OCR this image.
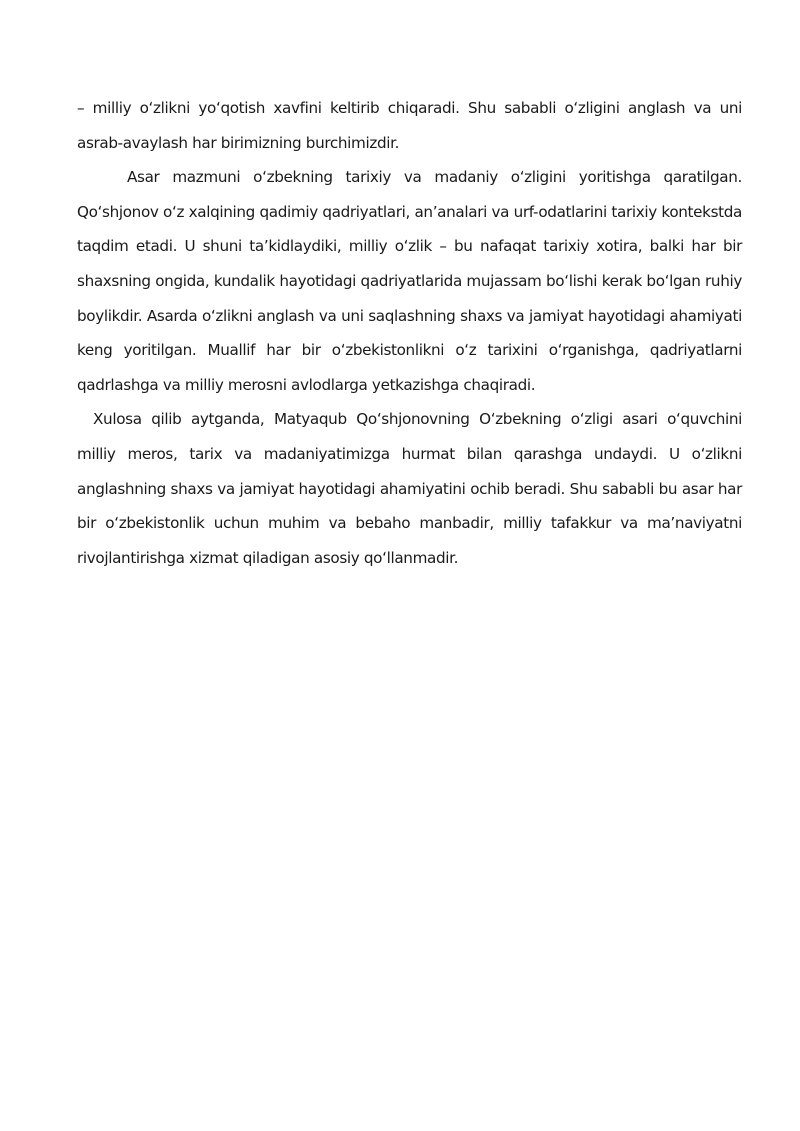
– milliy oʻzlikni yoʻqotish xavfini keltirib chiqaradi. Shu sababli oʻzligini anglash va uni asrab-avaylash har birimizning burchimizdir.

Asar mazmuni oʻzbekning tarixiy va madaniy oʻzligini yoritishga qaratilgan. Qoʻshjonov oʻz xalqining qadimiy qadriyatlari, an’analari va urf-odatlarini tarixiy kontekstda taqdim etadi. U shuni ta’kidlaydiki, milliy oʻzlik – bu nafaqat tarixiy xotira, balki har bir shaxsning ongida, kundalik hayotidagi qadriyatlarida mujassam boʻlishi kerak boʻlgan ruhiy boylikdir. Asarda oʻzlikni anglash va uni saqlashning shaxs va jamiyat hayotidagi ahamiyati keng yoritilgan. Muallif har bir oʻzbekistonlikni oʻz tarixini oʻrganishga, qadriyatlarni qadrlashga va milliy merosni avlodlarga yetkazishga chaqiradi.

Xulosa qilib aytganda, Matyaqub Qoʻshjonovning Oʻzbekning oʻzligi asari oʻquvchini milliy meros, tarix va madaniyatimizga hurmat bilan qarashga undaydi. U oʻzlikni anglashning shaxs va jamiyat hayotidagi ahamiyatini ochib beradi. Shu sababli bu asar har bir oʻzbekistonlik uchun muhim va bebaho manbadir, milliy tafakkur va ma’naviyatni rivojlantirishga xizmat qiladigan asosiy qoʻllanmadir.
